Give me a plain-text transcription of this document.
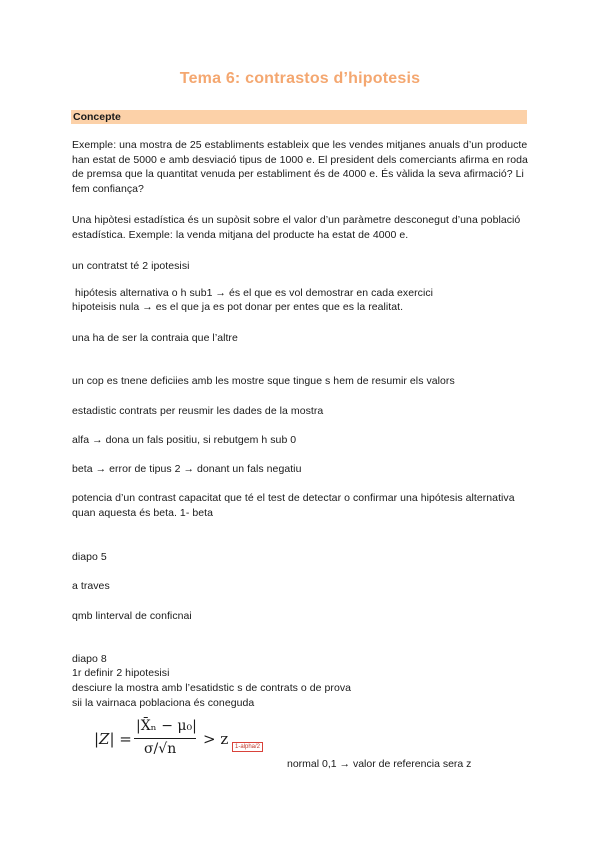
Tema 6: contrastos d’hipotesis
Concepte
Exemple: una mostra de 25 establiments estableix que les vendes mitjanes anuals d’un producte han estat de 5000 e amb desviació tipus de 1000 e. El president dels comerciants afirma en roda de premsa que la quantitat venuda per establiment és de 4000 e. És vàlida la seva afirmació? Li fem confiança?
Una hipòtesi estadística és un supòsit sobre el valor d’un paràmetre desconegut d’una població estadística. Exemple: la venda mitjana del producte ha estat de 4000 e.
un contratst té 2 ipotesisi
hipótesis alternativa o h sub1 → és el que es vol demostrar en cada exercici
hipoteisis nula → es el que ja es pot donar per entes que es la realitat.
una ha de ser la contraia que l’altre
un cop es tnene deficiies amb les mostre sque tingue s hem de resumir els valors
estadistic contrats per reusmir les dades de la mostra
alfa → dona un fals positiu, si rebutgem h sub 0
beta → error de tipus 2 → donant un fals negatiu
potencia d’un contrast capacitat que té el test de detectar o confirmar una hipótesis alternativa quan aquesta és beta. 1- beta
diapo 5
a traves
qmb linterval de conficnai
diapo 8
1r definir 2 hipotesisi
desciure la mostra amb l’esatidstic s de contrats o de prova
sii la vairnaca poblaciona és coneguda
|Z| =
|X̄ₙ − μ₀|
σ/√n
> z	1-alpha/2
normal 0,1 → valor de referencia sera z
